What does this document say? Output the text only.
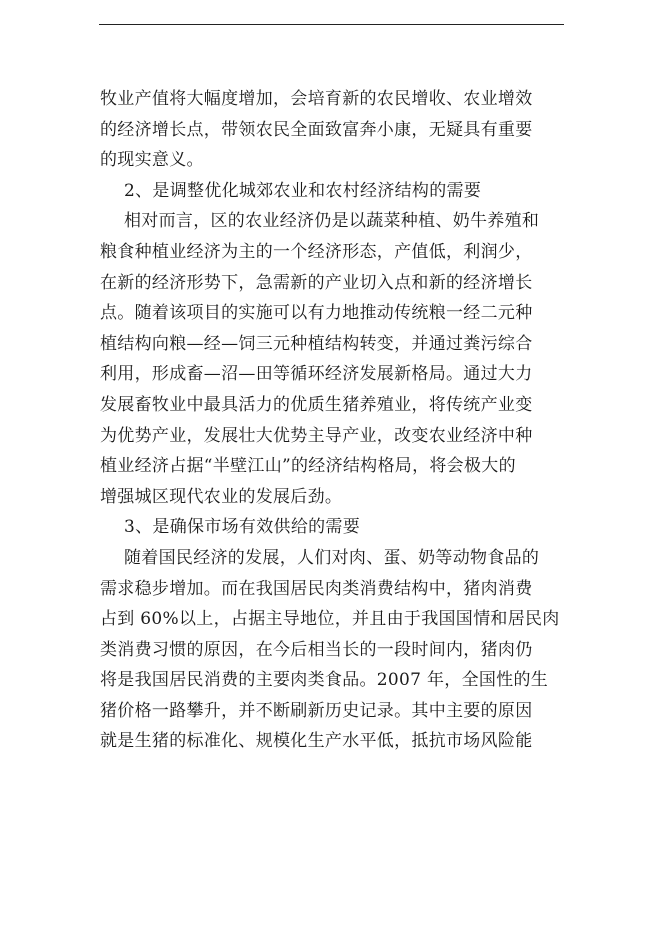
牧业产值将大幅度增加，会培育新的农民增收、农业增效
的经济增长点，带领农民全面致富奔小康，无疑具有重要
的现实意义。
2、是调整优化城郊农业和农村经济结构的需要
相对而言，区的农业经济仍是以蔬菜种植、奶牛养殖和
粮食种植业经济为主的一个经济形态，产值低，利润少，
在新的经济形势下，急需新的产业切入点和新的经济增长
点。随着该项目的实施可以有力地推动传统粮一经二元种
植结构向粮—经—饲三元种植结构转变，并通过粪污综合
利用，形成畜—沼—田等循环经济发展新格局。通过大力
发展畜牧业中最具活力的优质生猪养殖业，将传统产业变
为优势产业，发展壮大优势主导产业，改变农业经济中种
植业经济占据“半壁江山”的经济结构格局，将会极大的
增强城区现代农业的发展后劲。
3、是确保市场有效供给的需要
随着国民经济的发展，人们对肉、蛋、奶等动物食品的
需求稳步增加。而在我国居民肉类消费结构中，猪肉消费
占到 60%以上，占据主导地位，并且由于我国国情和居民肉
类消费习惯的原因，在今后相当长的一段时间内，猪肉仍
将是我国居民消费的主要肉类食品。2007 年，全国性的生
猪价格一路攀升，并不断刷新历史记录。其中主要的原因
就是生猪的标准化、规模化生产水平低，抵抗市场风险能
